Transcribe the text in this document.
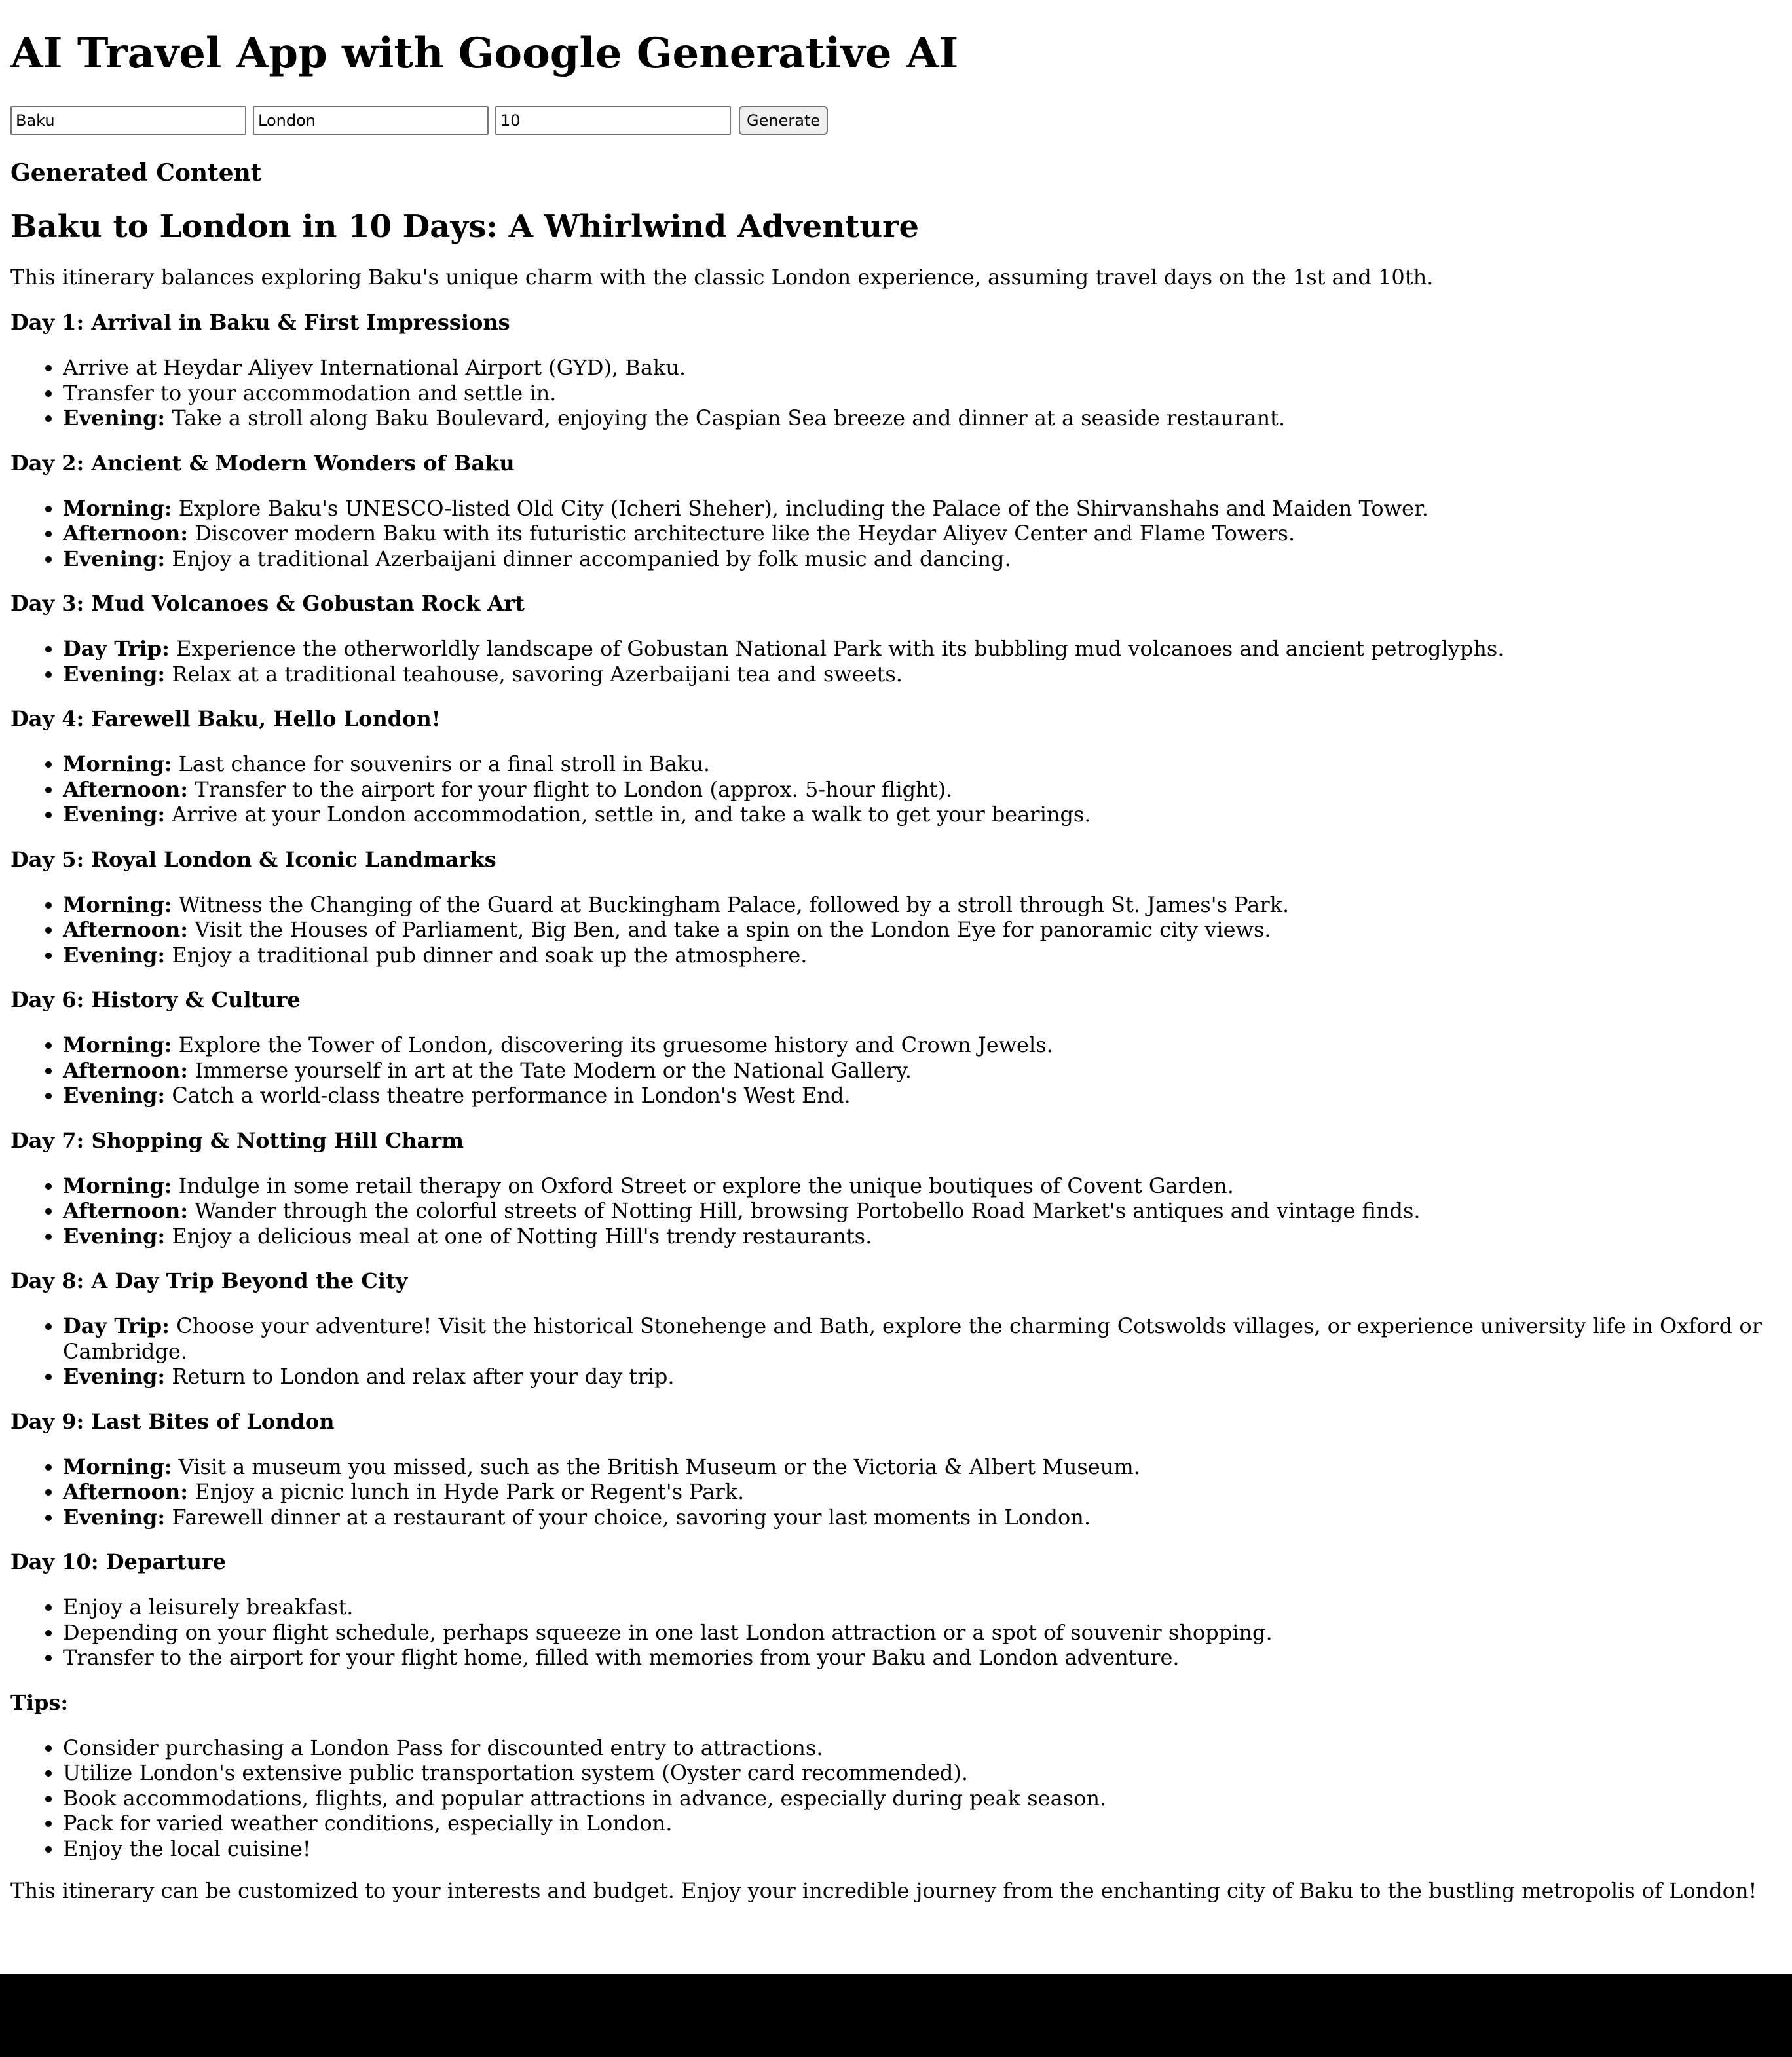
AI Travel App with Google Generative AI
Baku
London
10
Generate
Generated Content
Baku to London in 10 Days: A Whirlwind Adventure

This itinerary balances exploring Baku's unique charm with the classic London experience, assuming travel days on the 1st and 10th.

Day 1: Arrival in Baku & First Impressions
• Arrive at Heydar Aliyev International Airport (GYD), Baku.
• Transfer to your accommodation and settle in.
• Evening: Take a stroll along Baku Boulevard, enjoying the Caspian Sea breeze and dinner at a seaside restaurant.
Day 2: Ancient & Modern Wonders of Baku
• Morning: Explore Baku's UNESCO-listed Old City (Icheri Sheher), including the Palace of the Shirvanshahs and Maiden Tower.
• Afternoon: Discover modern Baku with its futuristic architecture like the Heydar Aliyev Center and Flame Towers.
• Evening: Enjoy a traditional Azerbaijani dinner accompanied by folk music and dancing.
Day 3: Mud Volcanoes & Gobustan Rock Art
• Day Trip: Experience the otherworldly landscape of Gobustan National Park with its bubbling mud volcanoes and ancient petroglyphs.
• Evening: Relax at a traditional teahouse, savoring Azerbaijani tea and sweets.
Day 4: Farewell Baku, Hello London!
• Morning: Last chance for souvenirs or a final stroll in Baku.
• Afternoon: Transfer to the airport for your flight to London (approx. 5-hour flight).
• Evening: Arrive at your London accommodation, settle in, and take a walk to get your bearings.
Day 5: Royal London & Iconic Landmarks
• Morning: Witness the Changing of the Guard at Buckingham Palace, followed by a stroll through St. James's Park.
• Afternoon: Visit the Houses of Parliament, Big Ben, and take a spin on the London Eye for panoramic city views.
• Evening: Enjoy a traditional pub dinner and soak up the atmosphere.
Day 6: History & Culture
• Morning: Explore the Tower of London, discovering its gruesome history and Crown Jewels.
• Afternoon: Immerse yourself in art at the Tate Modern or the National Gallery.
• Evening: Catch a world-class theatre performance in London's West End.
Day 7: Shopping & Notting Hill Charm
• Morning: Indulge in some retail therapy on Oxford Street or explore the unique boutiques of Covent Garden.
• Afternoon: Wander through the colorful streets of Notting Hill, browsing Portobello Road Market's antiques and vintage finds.
• Evening: Enjoy a delicious meal at one of Notting Hill's trendy restaurants.
Day 8: A Day Trip Beyond the City
• Day Trip: Choose your adventure! Visit the historical Stonehenge and Bath, explore the charming Cotswolds villages, or experience university life in Oxford or Cambridge.
• Evening: Return to London and relax after your day trip.
Day 9: Last Bites of London
• Morning: Visit a museum you missed, such as the British Museum or the Victoria & Albert Museum.
• Afternoon: Enjoy a picnic lunch in Hyde Park or Regent's Park.
• Evening: Farewell dinner at a restaurant of your choice, savoring your last moments in London.
Day 10: Departure
• Enjoy a leisurely breakfast.
• Depending on your flight schedule, perhaps squeeze in one last London attraction or a spot of souvenir shopping.
• Transfer to the airport for your flight home, filled with memories from your Baku and London adventure.
Tips:
• Consider purchasing a London Pass for discounted entry to attractions.
• Utilize London's extensive public transportation system (Oyster card recommended).
• Book accommodations, flights, and popular attractions in advance, especially during peak season.
• Pack for varied weather conditions, especially in London.
• Enjoy the local cuisine!

This itinerary can be customized to your interests and budget. Enjoy your incredible journey from the enchanting city of Baku to the bustling metropolis of London!
